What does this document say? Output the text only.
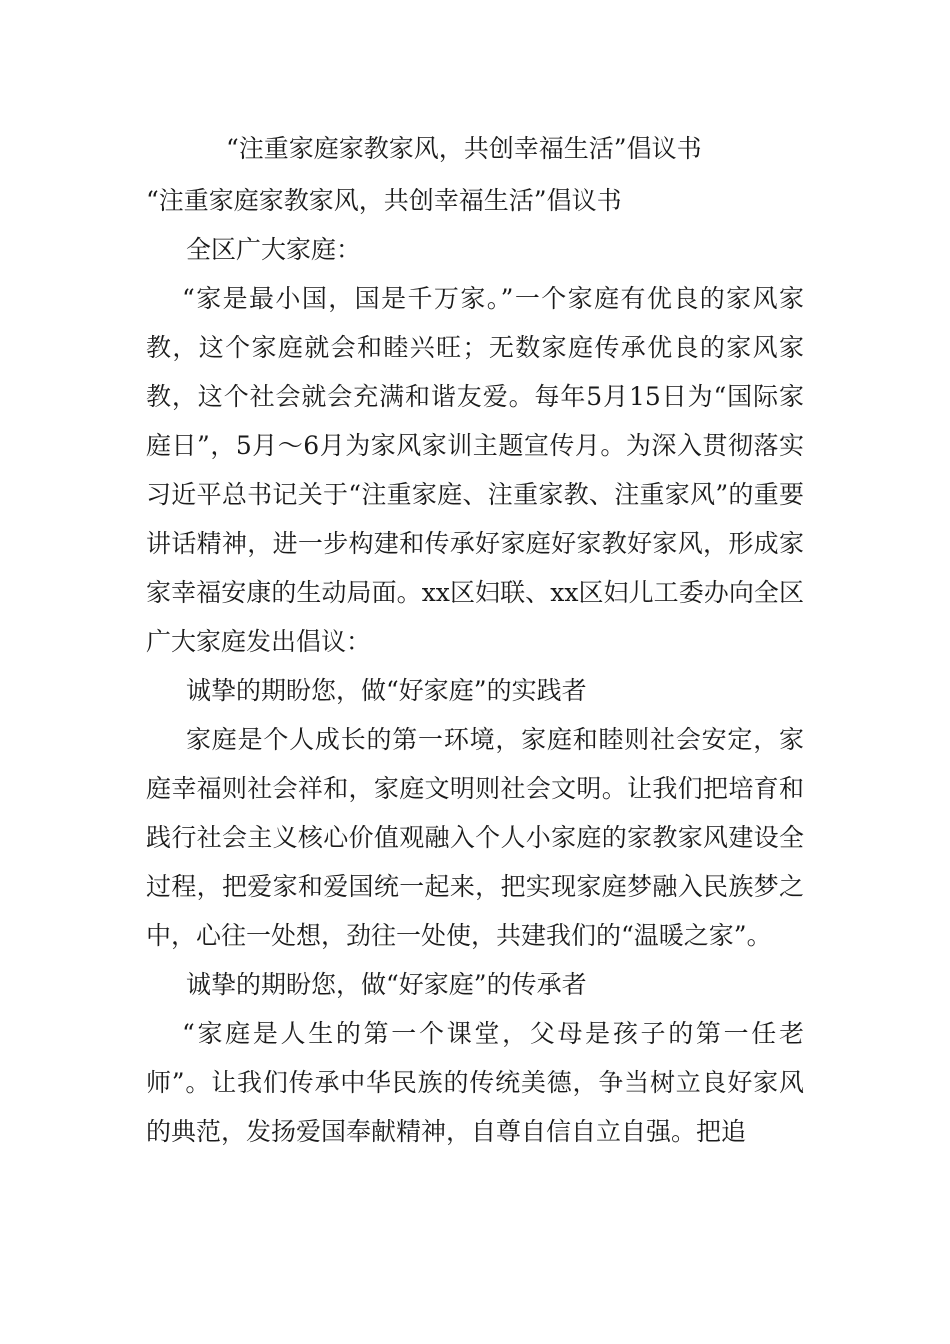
“注重家庭家教家风，共创幸福生活”倡议书

“注重家庭家教家风，共创幸福生活”倡议书

全区广大家庭：

“家是最小国，国是千万家。”一个家庭有优良的家风家教，这个家庭就会和睦兴旺；无数家庭传承优良的家风家教，这个社会就会充满和谐友爱。每年5月15日为“国际家庭日”，5月～6月为家风家训主题宣传月。为深入贯彻落实习近平总书记关于“注重家庭、注重家教、注重家风”的重要讲话精神，进一步构建和传承好家庭好家教好家风，形成家家幸福安康的生动局面。xx区妇联、xx区妇儿工委办向全区广大家庭发出倡议：

诚挚的期盼您，做“好家庭”的实践者

家庭是个人成长的第一环境，家庭和睦则社会安定，家庭幸福则社会祥和，家庭文明则社会文明。让我们把培育和践行社会主义核心价值观融入个人小家庭的家教家风建设全过程，把爱家和爱国统一起来，把实现家庭梦融入民族梦之中，心往一处想，劲往一处使，共建我们的“温暖之家”。

诚挚的期盼您，做“好家庭”的传承者

“家庭是人生的第一个课堂，父母是孩子的第一任老师”。让我们传承中华民族的传统美德，争当树立良好家风的典范，发扬爱国奉献精神，自尊自信自立自强。把追
